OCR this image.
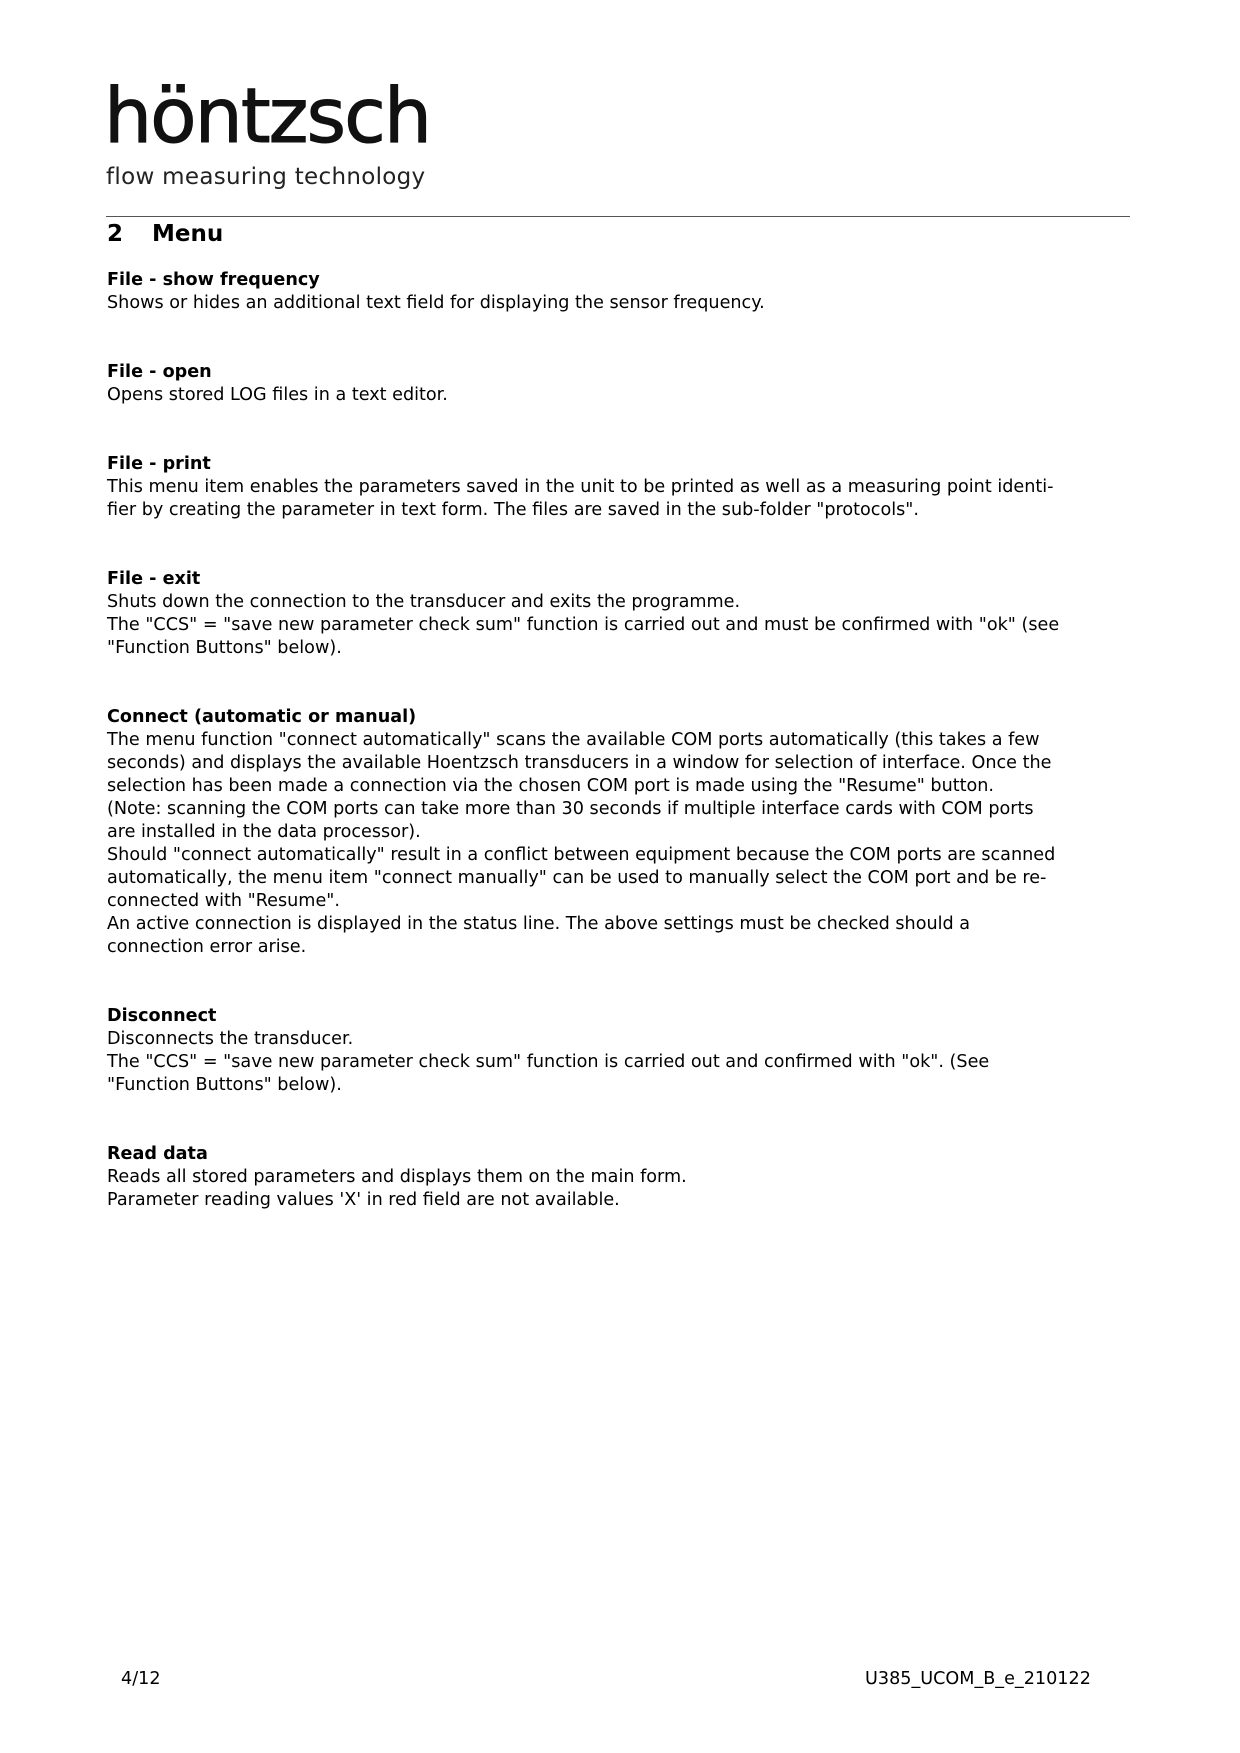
höntzsch
flow measuring technology
2 Menu
File - show frequency
Shows or hides an additional text field for displaying the sensor frequency.
File - open
Opens stored LOG files in a text editor.
File - print
This menu item enables the parameters saved in the unit to be printed as well as a measuring point identi-
fier by creating the parameter in text form. The files are saved in the sub-folder "protocols".
File - exit
Shuts down the connection to the transducer and exits the programme.
The "CCS" = "save new parameter check sum" function is carried out and must be confirmed with "ok" (see
"Function Buttons" below).
Connect (automatic or manual)
The menu function "connect automatically" scans the available COM ports automatically (this takes a few
seconds) and displays the available Hoentzsch transducers in a window for selection of interface. Once the
selection has been made a connection via the chosen COM port is made using the "Resume" button.
(Note: scanning the COM ports can take more than 30 seconds if multiple interface cards with COM ports
are installed in the data processor).
Should "connect automatically" result in a conflict between equipment because the COM ports are scanned
automatically, the menu item "connect manually" can be used to manually select the COM port and be re-
connected with "Resume".
An active connection is displayed in the status line. The above settings must be checked should a
connection error arise.
Disconnect
Disconnects the transducer.
The "CCS" = "save new parameter check sum" function is carried out and confirmed with "ok". (See
"Function Buttons" below).
Read data
Reads all stored parameters and displays them on the main form.
Parameter reading values 'X' in red field are not available.
4/12	U385_UCOM_B_e_210122
